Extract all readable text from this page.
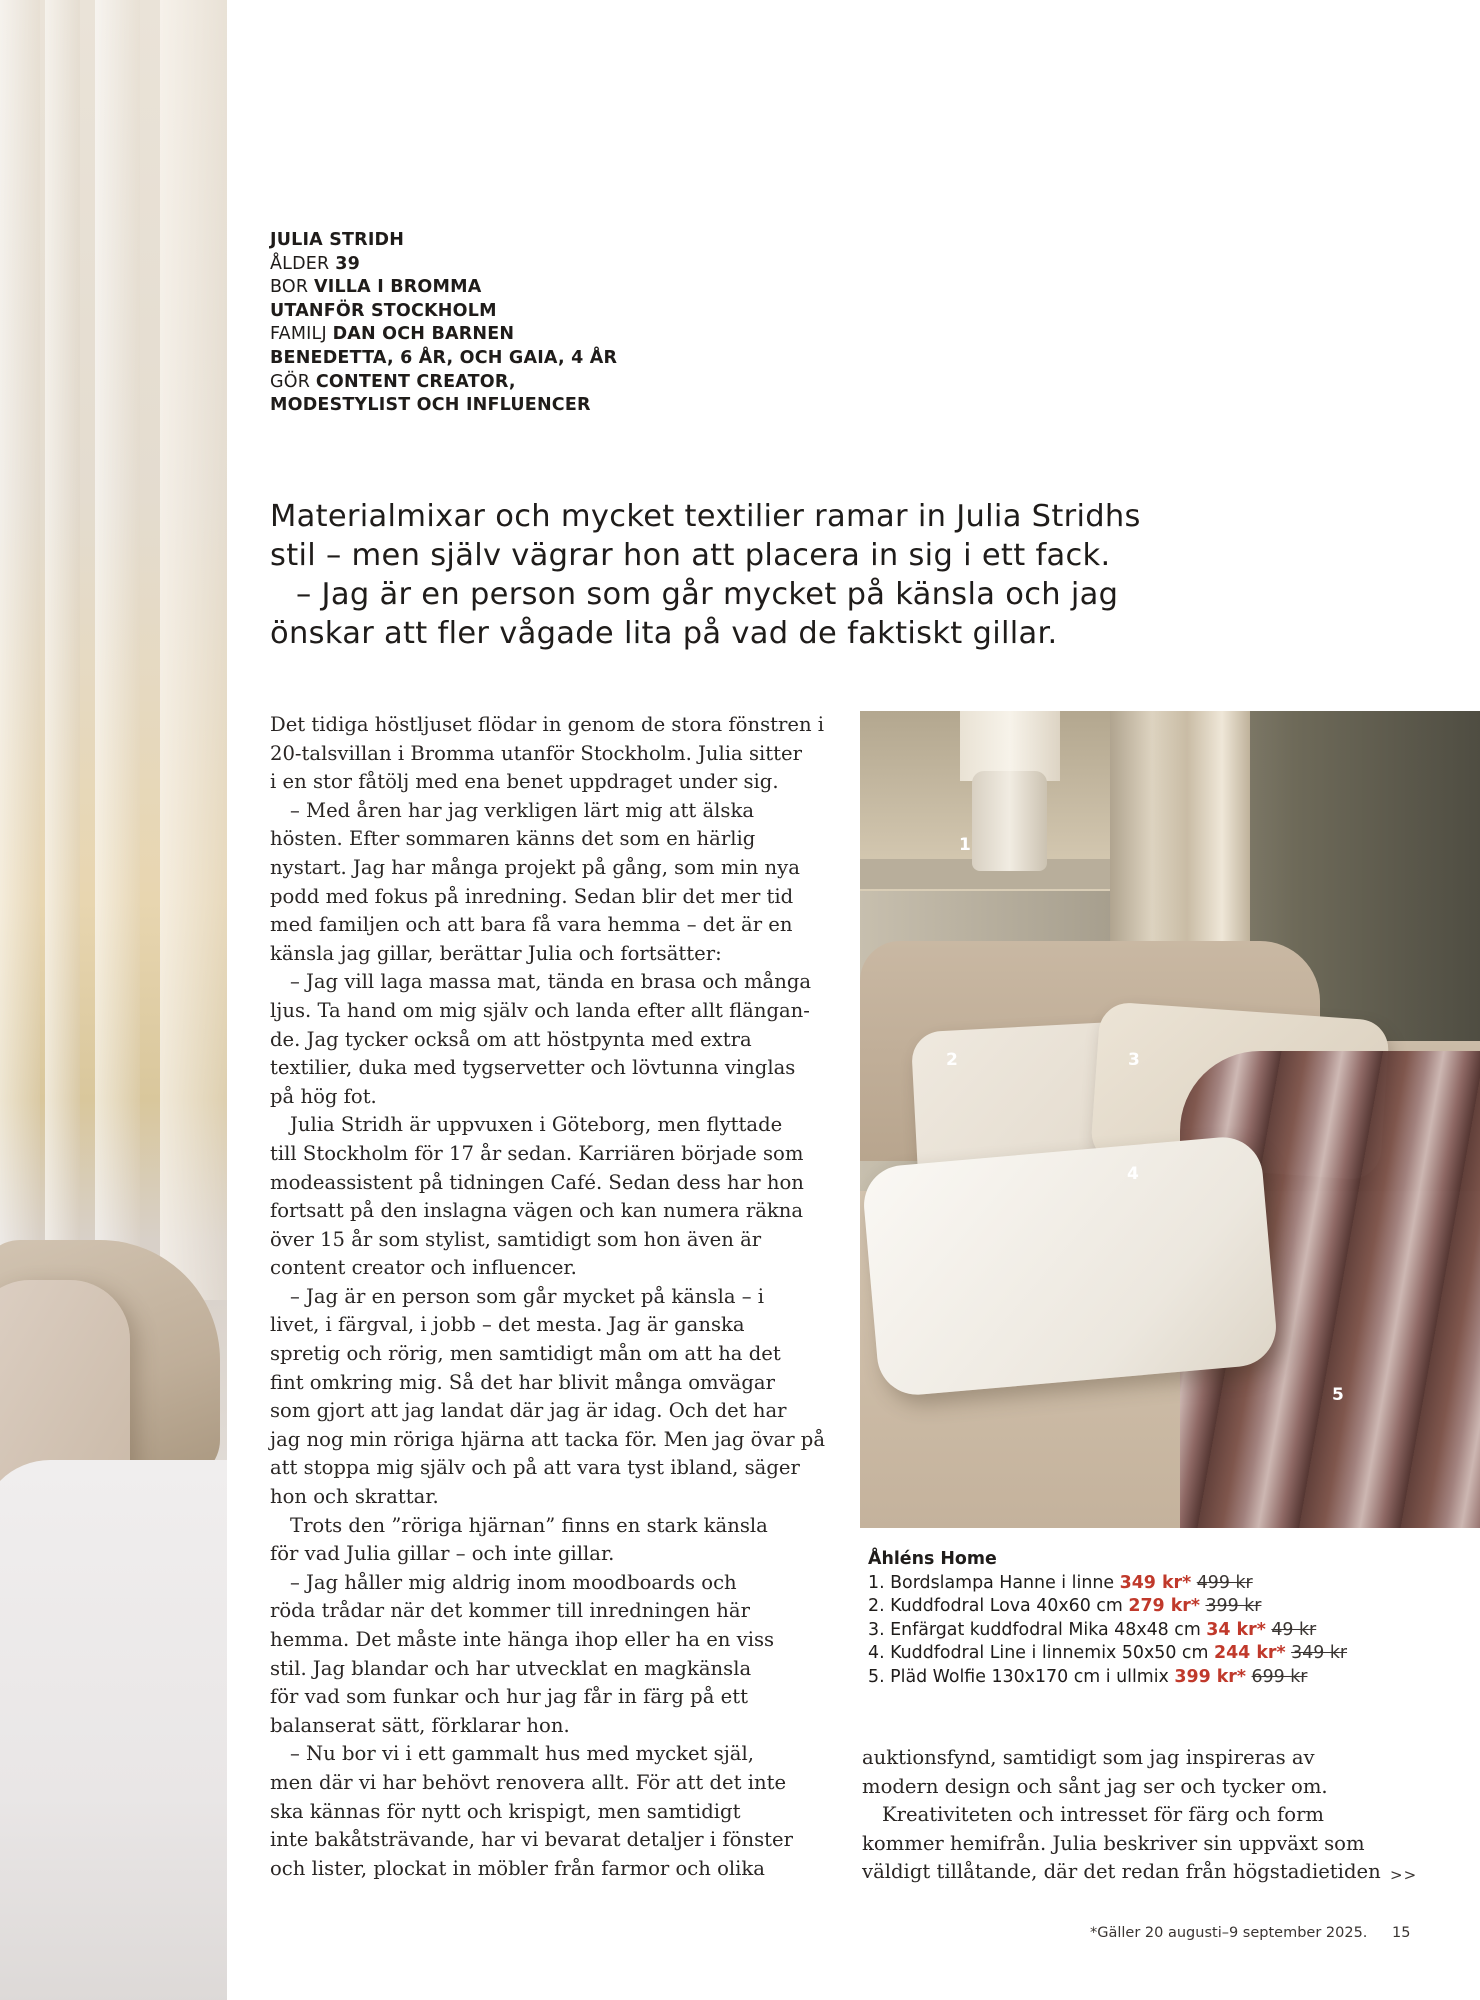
JULIA STRIDH
ÅLDER 39
BOR VILLA I BROMMA
UTANFÖR STOCKHOLM
FAMILJ DAN OCH BARNEN
BENEDETTA, 6 ÅR, OCH GAIA, 4 ÅR
GÖR CONTENT CREATOR,
MODESTYLIST OCH INFLUENCER
Materialmixar och mycket textilier ramar in Julia Stridhs
stil – men själv vägrar hon att placera in sig i ett fack.
– Jag är en person som går mycket på känsla och jag
önskar att fler vågade lita på vad de faktiskt gillar.
Det tidiga höstljuset flödar in genom de stora fönstren i
20-talsvillan i Bromma utanför Stockholm. Julia sitter
i en stor fåtölj med ena benet uppdraget under sig.
– Med åren har jag verkligen lärt mig att älska
hösten. Efter sommaren känns det som en härlig
nystart. Jag har många projekt på gång, som min nya
podd med fokus på inredning. Sedan blir det mer tid
med familjen och att bara få vara hemma – det är en
känsla jag gillar, berättar Julia och fortsätter:
– Jag vill laga massa mat, tända en brasa och många
ljus. Ta hand om mig själv och landa efter allt flängan-
de. Jag tycker också om att höstpynta med extra
textilier, duka med tygservetter och lövtunna vinglas
på hög fot.
Julia Stridh är uppvuxen i Göteborg, men flyttade
till Stockholm för 17 år sedan. Karriären började som
modeassistent på tidningen Café. Sedan dess har hon
fortsatt på den inslagna vägen och kan numera räkna
över 15 år som stylist, samtidigt som hon även är
content creator och influencer.
– Jag är en person som går mycket på känsla – i
livet, i färgval, i jobb – det mesta. Jag är ganska
spretig och rörig, men samtidigt mån om att ha det
fint omkring mig. Så det har blivit många omvägar
som gjort att jag landat där jag är idag. Och det har
jag nog min röriga hjärna att tacka för. Men jag övar på
att stoppa mig själv och på att vara tyst ibland, säger
hon och skrattar.
Trots den ”röriga hjärnan” finns en stark känsla
för vad Julia gillar – och inte gillar.
– Jag håller mig aldrig inom moodboards och
röda trådar när det kommer till inredningen här
hemma. Det måste inte hänga ihop eller ha en viss
stil. Jag blandar och har utvecklat en magkänsla
för vad som funkar och hur jag får in färg på ett
balanserat sätt, förklarar hon.
– Nu bor vi i ett gammalt hus med mycket själ,
men där vi har behövt renovera allt. För att det inte
ska kännas för nytt och krispigt, men samtidigt
inte bakåtsträvande, har vi bevarat detaljer i fönster
och lister, plockat in möbler från farmor och olika
1
2	3
4
5
Åhléns Home
1. Bordslampa Hanne i linne 349 kr* 499 kr
2. Kuddfodral Lova 40x60 cm 279 kr* 399 kr
3. Enfärgat kuddfodral Mika 48x48 cm 34 kr* 49 kr
4. Kuddfodral Line i linnemix 50x50 cm 244 kr* 349 kr
5. Pläd Wolfie 130x170 cm i ullmix 399 kr* 699 kr
auktionsfynd, samtidigt som jag inspireras av
modern design och sånt jag ser och tycker om.
Kreativiteten och intresset för färg och form
kommer hemifrån. Julia beskriver sin uppväxt som
väldigt tillåtande, där det redan från högstadietiden >>
*Gäller 20 augusti–9 september 2025. 15
